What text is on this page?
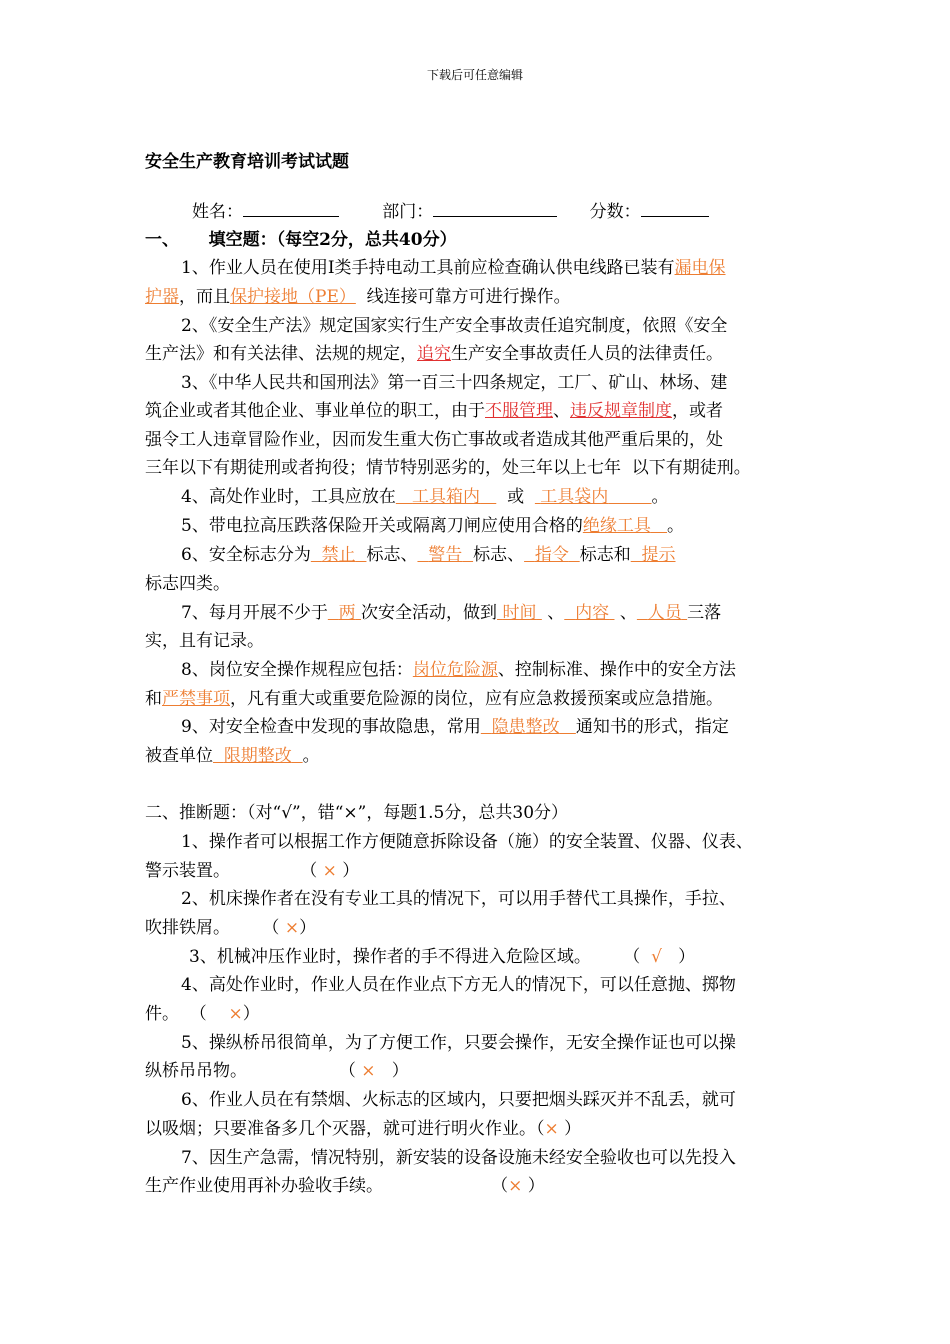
下载后可任意编辑
安全生产教育培训考试试题
姓名：	部门：	分数：
一、 填空题：（每空2分，总共40分）
1、作业人员在使用Ⅰ类手持电动工具前应检查确认供电线路已装有漏电保
护器，而且保护接地（PE） 线连接可靠方可进行操作。
2、《安全生产法》规定国家实行生产安全事故责任追究制度，依照《安全
生产法》和有关法律、法规的规定，追究生产安全事故责任人员的法律责任。
3、《中华人民共和国刑法》第一百三十四条规定，工厂、矿山、林场、建
筑企业或者其他企业、事业单位的职工，由于不服管理、违反规章制度，或者
强令工人违章冒险作业，因而发生重大伤亡事故或者造成其他严重后果的，处
三年以下有期徒刑或者拘役；情节特别恶劣的，处三年以上七年  以下有期徒刑。
4、高处作业时，工具应放在 工具箱内 或 工具袋内	。
5、带电拉高压跌落保险开关或隔离刀闸应使用合格的绝缘工具 。
6、安全标志分为 禁止 标志、 警告 标志、 指令 标志和 提示
标志四类。
7、每月开展不少于 两 次安全活动，做到 时间 、 内容 、 人员 三落
实，且有记录。
8、岗位安全操作规程应包括：岗位危险源、控制标准、操作中的安全方法
和严禁事项，凡有重大或重要危险源的岗位，应有应急救援预案或应急措施。
9、对安全检查中发现的事故隐患，常用 隐患整改 通知书的形式，指定
被查单位 限期整改 。
二、推断题：（对“√”，错“×”，每题1.5分，总共30分）
1、操作者可以根据工作方便随意拆除设备（施）的安全装置、仪器、仪表、
警示装置。             （ × ）
2、机床操作者在没有专业工具的情况下，可以用手替代工具操作，手拉、
吹排铁屑。      （ ×）
3、机械冲压作业时，操作者的手不得进入危险区域。      （  √   ）
4、高处作业时，作业人员在作业点下方无人的情况下，可以任意抛、掷物
件。  （    ×）
5、操纵桥吊很简单，为了方便工作，只要会操作，无安全操作证也可以操
纵桥吊吊物。                 （ ×   ）
6、作业人员在有禁烟、火标志的区域内，只要把烟头踩灭并不乱丢，就可
以吸烟；只要准备多几个灭器，就可进行明火作业。（× ）
7、因生产急需，情况特别，新安装的设备设施未经安全验收也可以先投入
生产作业使用再补办验收手续。                    （× ）
